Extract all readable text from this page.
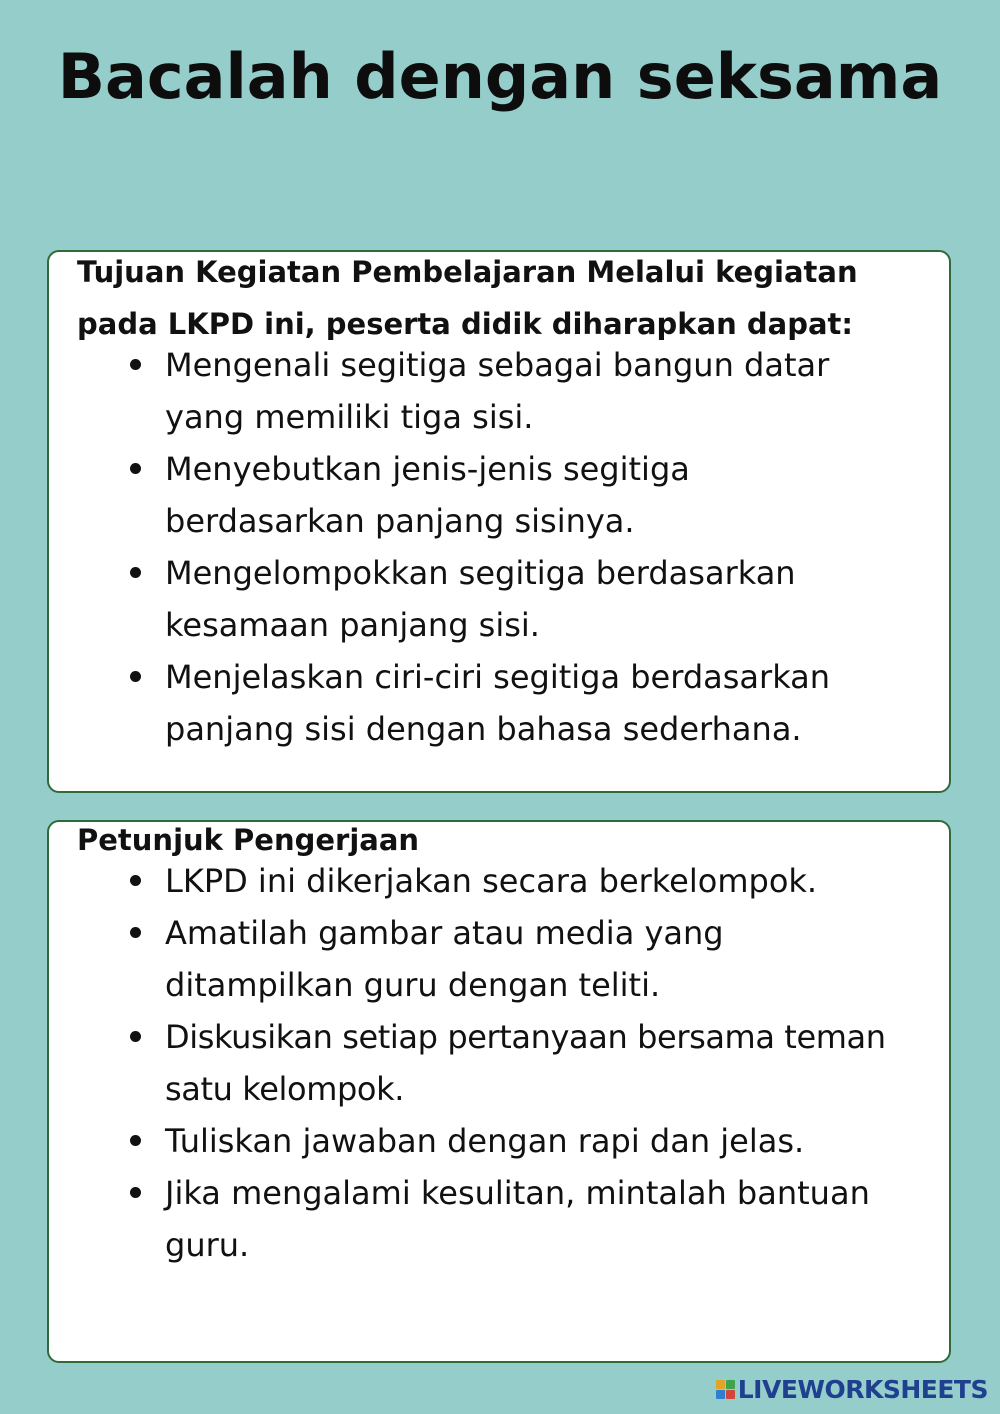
Bacalah dengan seksama

Tujuan Kegiatan Pembelajaran Melalui kegiatan pada LKPD ini, peserta didik diharapkan dapat:

Mengenali segitiga sebagai bangun datar
yang memiliki tiga sisi.
Menyebutkan jenis-jenis segitiga
berdasarkan panjang sisinya.
Mengelompokkan segitiga berdasarkan
kesamaan panjang sisi.
Menjelaskan ciri-ciri segitiga berdasarkan
panjang sisi dengan bahasa sederhana.

Petunjuk Pengerjaan

LKPD ini dikerjakan secara berkelompok.
Amatilah gambar atau media yang
ditampilkan guru dengan teliti.
Diskusikan setiap pertanyaan bersama teman
satu kelompok.
Tuliskan jawaban dengan rapi dan jelas.
Jika mengalami kesulitan, mintalah bantuan
guru.
LIVEWORKSHEETS
